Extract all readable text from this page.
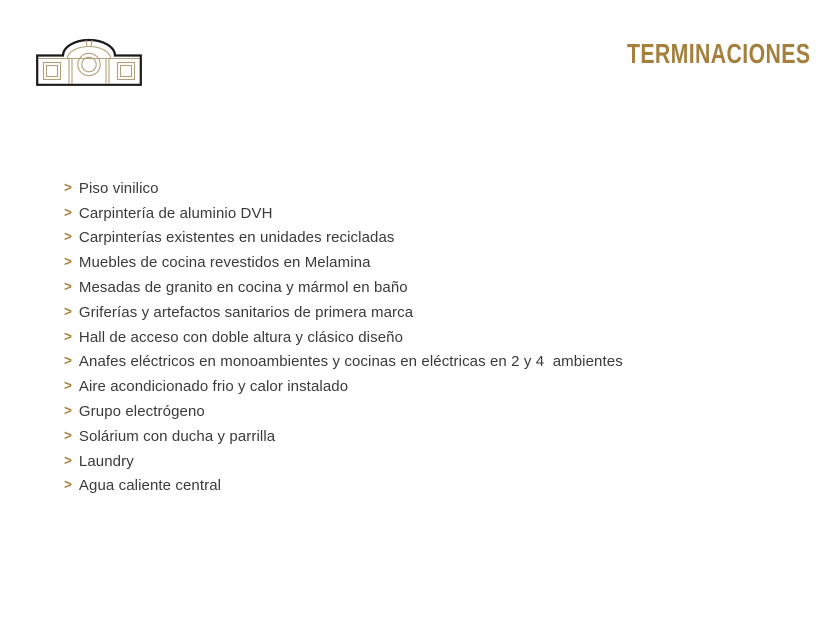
TERMINACIONES
> Piso vinilico
> Carpintería de aluminio DVH
> Carpinterías existentes en unidades recicladas
> Muebles de cocina revestidos en Melamina
> Mesadas de granito en cocina y mármol en baño
> Griferías y artefactos sanitarios de primera marca
> Hall de acceso con doble altura y clásico diseño
> Anafes eléctricos en monoambientes y cocinas en eléctricas en 2 y 4  ambientes
> Aire acondicionado frio y calor instalado
> Grupo electrógeno
> Solárium con ducha y parrilla
> Laundry
> Agua caliente central
